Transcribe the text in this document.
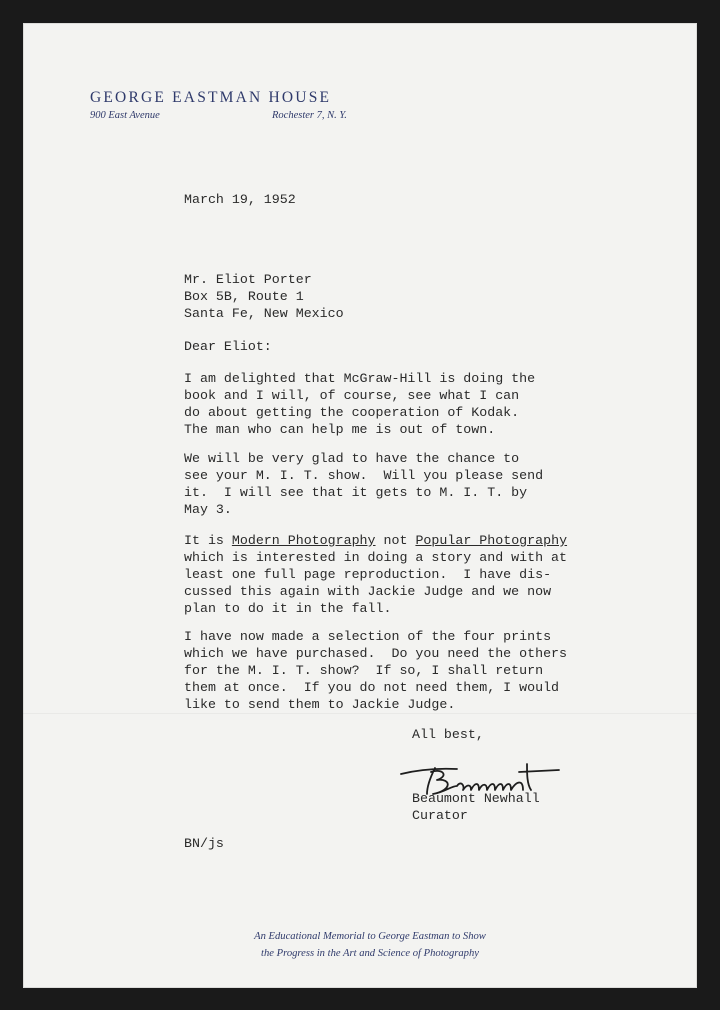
GEORGE EASTMAN HOUSE
900 East Avenue	Rochester 7, N. Y.
March 19, 1952
Mr. Eliot Porter
Box 5B, Route 1
Santa Fe, New Mexico
Dear Eliot:
I am delighted that McGraw-Hill is doing the
book and I will, of course, see what I can
do about getting the cooperation of Kodak.
The man who can help me is out of town.
We will be very glad to have the chance to
see your M. I. T. show.  Will you please send
it.  I will see that it gets to M. I. T. by
May 3.
It is Modern Photography not Popular Photography
which is interested in doing a story and with at
least one full page reproduction.  I have dis-
cussed this again with Jackie Judge and we now
plan to do it in the fall.
I have now made a selection of the four prints
which we have purchased.  Do you need the others
for the M. I. T. show?  If so, I shall return
them at once.  If you do not need them, I would
like to send them to Jackie Judge.
All best,
Beaumont Newhall
Curator
BN/js
An Educational Memorial to George Eastman to Show
the Progress in the Art and Science of Photography
